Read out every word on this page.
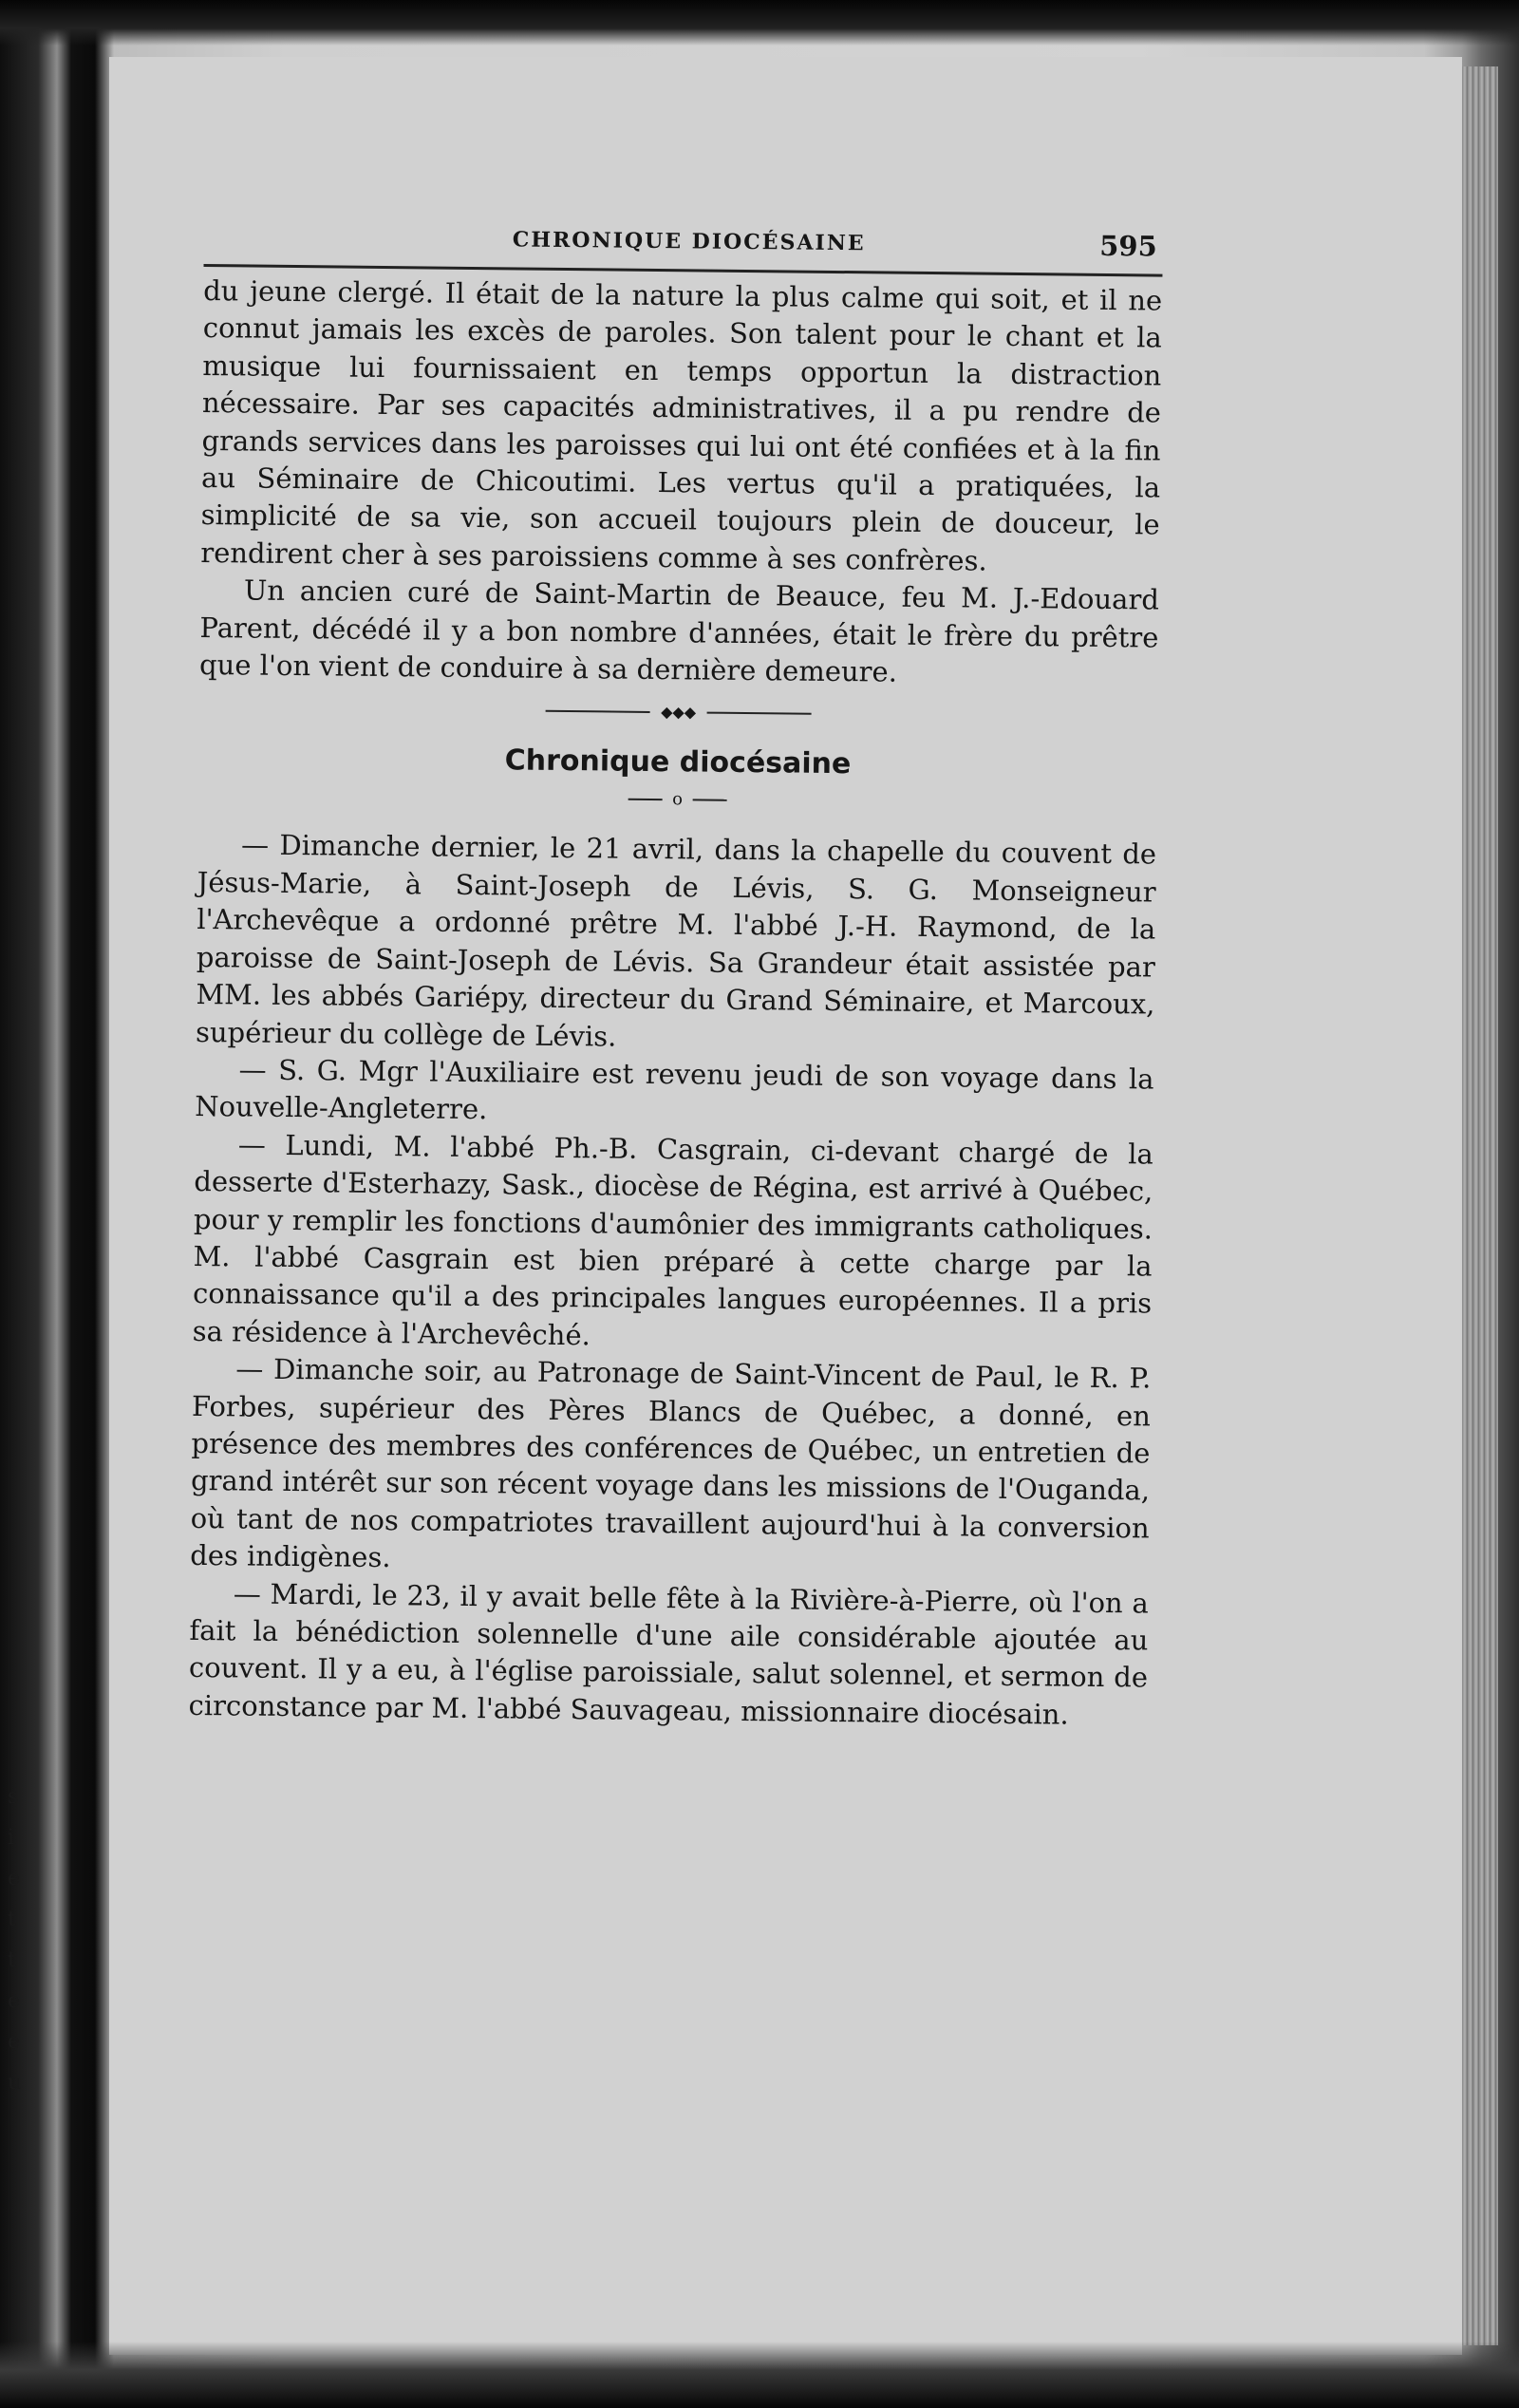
s
i
e
t
t
e
e
u
CHRONIQUE DIOCÉSAINE	595

du jeune clergé. Il était de la nature la plus calme qui soit, et il ne connut jamais les excès de paroles. Son talent pour le chant et la musique lui fournissaient en temps opportun la distraction nécessaire. Par ses capacités administratives, il a pu rendre de grands services dans les paroisses qui lui ont été confiées et à la fin au Séminaire de Chicoutimi. Les vertus qu'il a pratiquées, la simplicité de sa vie, son accueil toujours plein de douceur, le rendirent cher à ses paroissiens comme à ses confrères.

Un ancien curé de Saint-Martin de Beauce, feu M. J.-Edouard Parent, décédé il y a bon nombre d'années, était le frère du prêtre que l'on vient de conduire à sa dernière demeure.

◆◆◆
Chronique diocésaine
o

— Dimanche dernier, le 21 avril, dans la chapelle du couvent de Jésus-Marie, à Saint-Joseph de Lévis, S. G. Monseigneur l'Archevêque a ordonné prêtre M. l'abbé J.-H. Raymond, de la paroisse de Saint-Joseph de Lévis. Sa Grandeur était assistée par MM. les abbés Gariépy, directeur du Grand Séminaire, et Marcoux, supérieur du collège de Lévis.

— S. G. Mgr l'Auxiliaire est revenu jeudi de son voyage dans la Nouvelle-Angleterre.

— Lundi, M. l'abbé Ph.-B. Casgrain, ci-devant chargé de la desserte d'Esterhazy, Sask., diocèse de Régina, est arrivé à Québec, pour y remplir les fonctions d'aumônier des immigrants catholiques. M. l'abbé Casgrain est bien préparé à cette charge par la connaissance qu'il a des principales langues européennes. Il a pris sa résidence à l'Archevêché.

— Dimanche soir, au Patronage de Saint-Vincent de Paul, le R. P. Forbes, supérieur des Pères Blancs de Québec, a donné, en présence des membres des conférences de Québec, un entretien de grand intérêt sur son récent voyage dans les missions de l'Ouganda, où tant de nos compatriotes travaillent aujourd'hui à la conversion des indigènes.

— Mardi, le 23, il y avait belle fête à la Rivière-à-Pierre, où l'on a fait la bénédiction solennelle d'une aile considérable ajoutée au couvent. Il y a eu, à l'église paroissiale, salut solennel, et sermon de circonstance par M. l'abbé Sauvageau, missionnaire diocésain.
